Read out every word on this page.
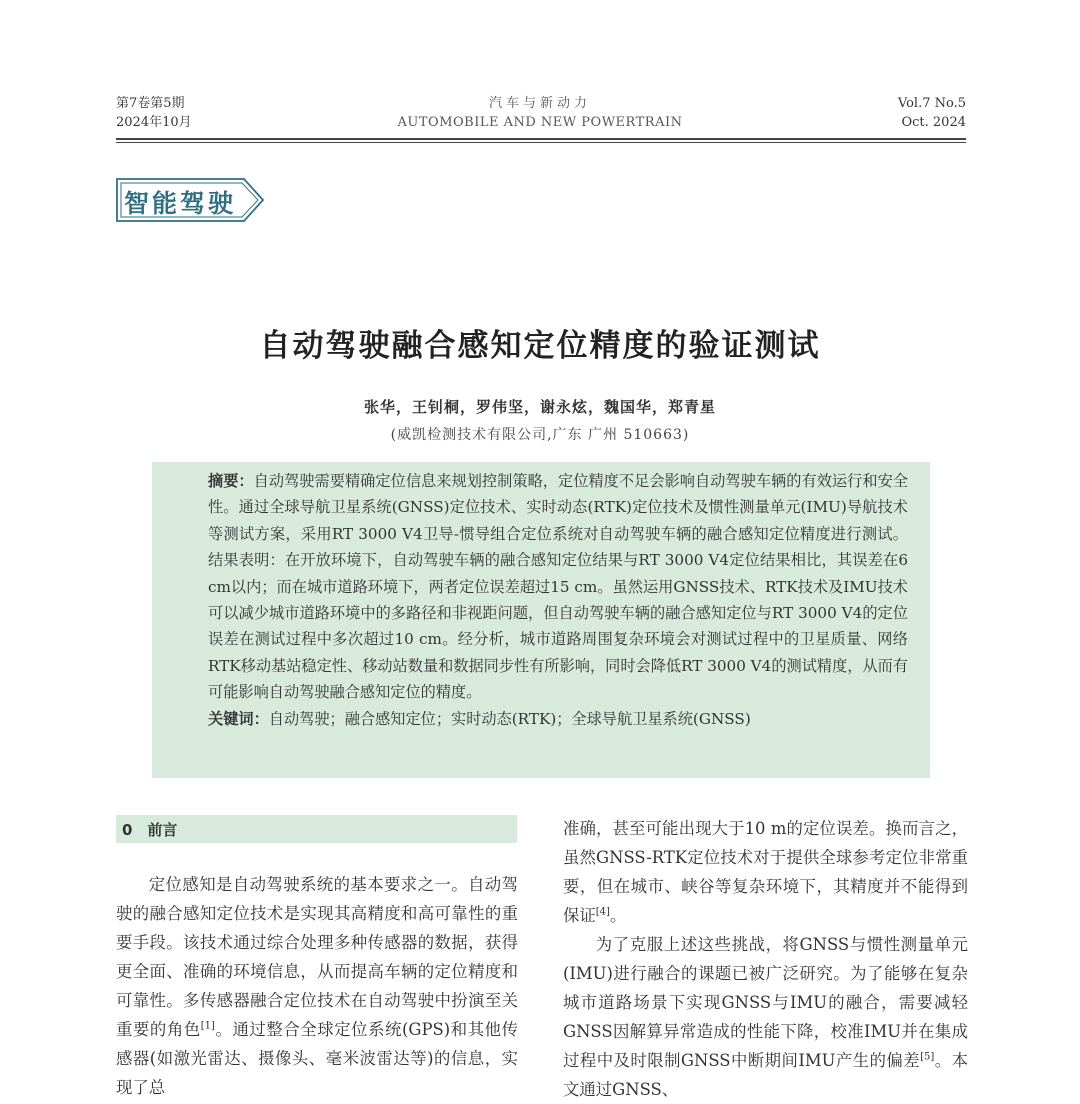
第7卷第5期
2024年10月
汽车与新动力
AUTOMOBILE AND NEW POWERTRAIN
Vol.7 No.5
Oct. 2024
智能驾驶
自动驾驶融合感知定位精度的验证测试
张华，王钊桐，罗伟坚，谢永炫，魏国华，郑青星
(威凯检测技术有限公司,广东 广州 510663)
摘要：自动驾驶需要精确定位信息来规划控制策略，定位精度不足会影响自动驾驶车辆的有效运行和安全性。通过全球导航卫星系统(GNSS)定位技术、实时动态(RTK)定位技术及惯性测量单元(IMU)导航技术等测试方案，采用RT 3000 V4卫导-惯导组合定位系统对自动驾驶车辆的融合感知定位精度进行测试。结果表明：在开放环境下，自动驾驶车辆的融合感知定位结果与RT 3000 V4定位结果相比，其误差在6 cm以内；而在城市道路环境下，两者定位误差超过15 cm。虽然运用GNSS技术、RTK技术及IMU技术可以减少城市道路环境中的多路径和非视距问题，但自动驾驶车辆的融合感知定位与RT 3000 V4的定位误差在测试过程中多次超过10 cm。经分析，城市道路周围复杂环境会对测试过程中的卫星质量、网络RTK移动基站稳定性、移动站数量和数据同步性有所影响，同时会降低RT 3000 V4的测试精度，从而有可能影响自动驾驶融合感知定位的精度。
关键词：自动驾驶；融合感知定位；实时动态(RTK)；全球导航卫星系统(GNSS)
0　前言

定位感知是自动驾驶系统的基本要求之一。自动驾驶的融合感知定位技术是实现其高精度和高可靠性的重要手段。该技术通过综合处理多种传感器的数据，获得更全面、准确的环境信息，从而提高车辆的定位精度和可靠性。多传感器融合定位技术在自动驾驶中扮演至关重要的角色[1]。通过整合全球定位系统(GPS)和其他传感器(如激光雷达、摄像头、毫米波雷达等)的信息，实现了总

准确，甚至可能出现大于10 m的定位误差。换而言之，虽然GNSS-RTK定位技术对于提供全球参考定位非常重要，但在城市、峡谷等复杂环境下，其精度并不能得到保证[4]。

为了克服上述这些挑战，将GNSS与惯性测量单元(IMU)进行融合的课题已被广泛研究。为了能够在复杂城市道路场景下实现GNSS与IMU的融合，需要减轻GNSS因解算异常造成的性能下降，校准IMU并在集成过程中及时限制GNSS中断期间IMU产生的偏差[5]。本文通过GNSS、
